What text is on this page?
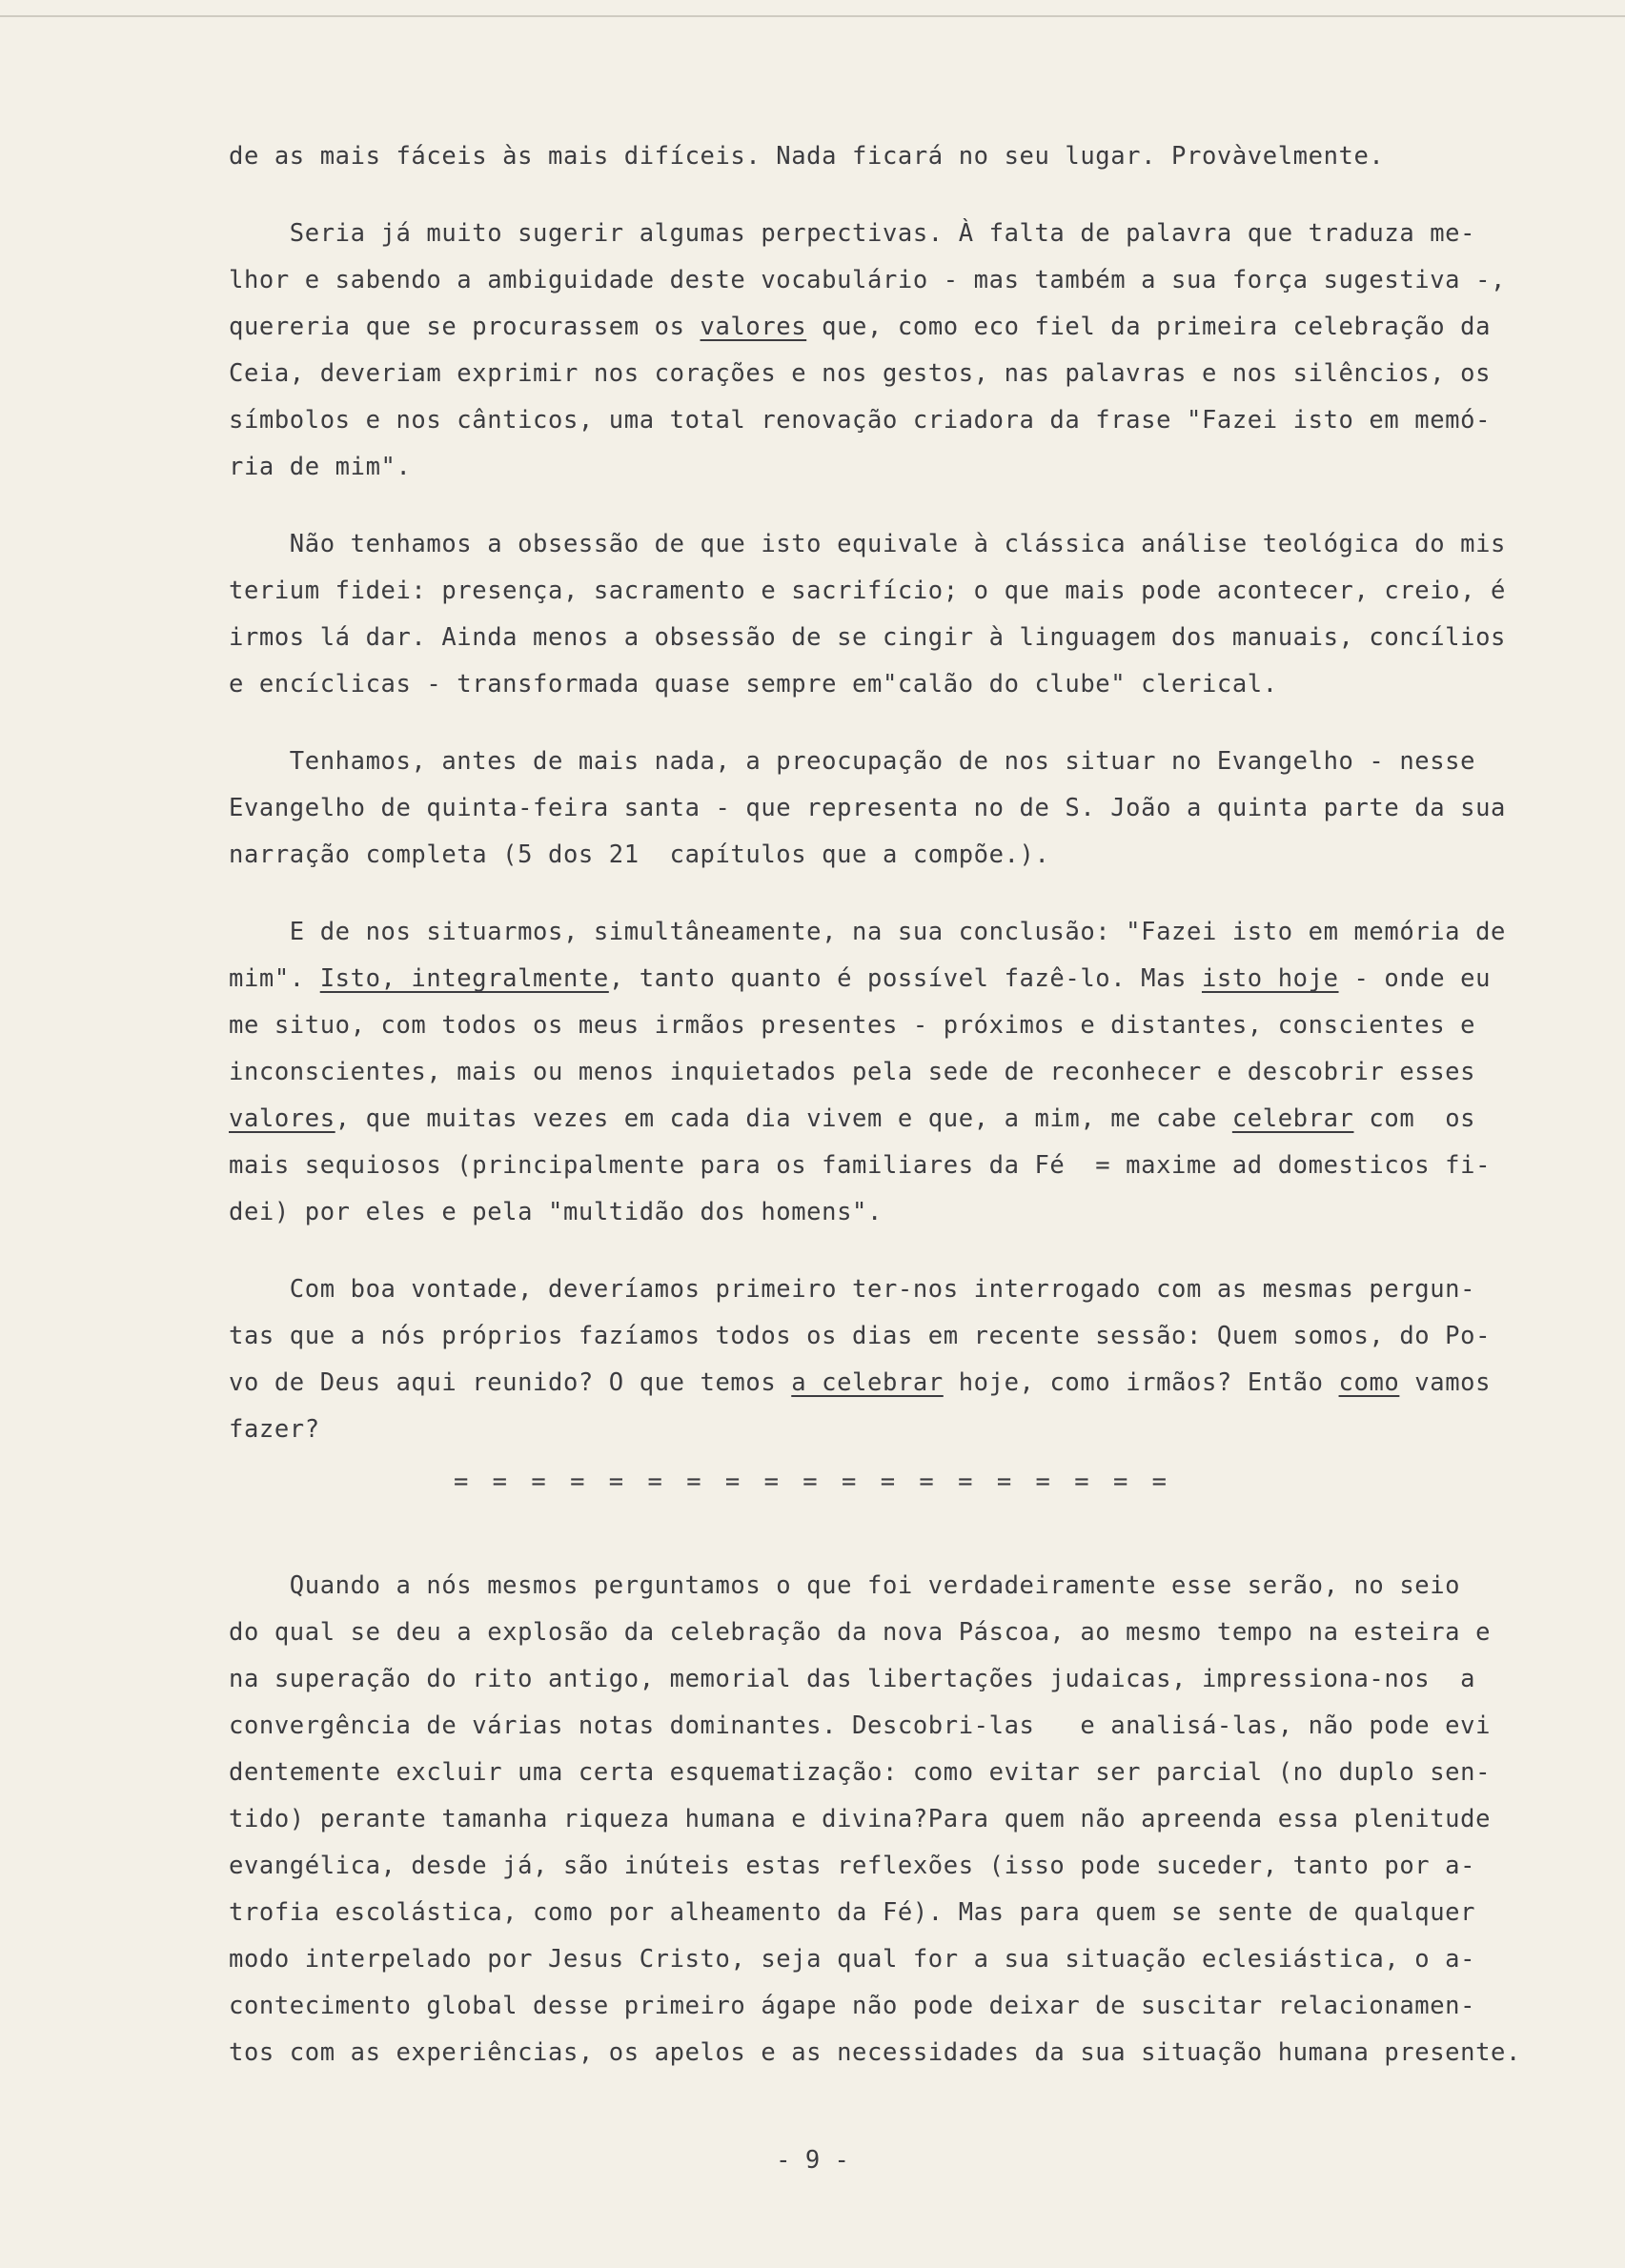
de as mais fáceis às mais difíceis. Nada ficará no seu lugar. Provàvelmente.
Seria já muito sugerir algumas perpectivas. À falta de palavra que traduza me-
lhor e sabendo a ambiguidade deste vocabulário - mas também a sua força sugestiva -,
quereria que se procurassem os valores que, como eco fiel da primeira celebração da
Ceia, deveriam exprimir nos corações e nos gestos, nas palavras e nos silêncios, os
símbolos e nos cânticos, uma total renovação criadora da frase "Fazei isto em memó-
ria de mim".
Não tenhamos a obsessão de que isto equivale à clássica análise teológica do mis
terium fidei: presença, sacramento e sacrifício; o que mais pode acontecer, creio, é
irmos lá dar. Ainda menos a obsessão de se cingir à linguagem dos manuais, concílios
e encíclicas - transformada quase sempre em"calão do clube" clerical.
Tenhamos, antes de mais nada, a preocupação de nos situar no Evangelho - nesse
Evangelho de quinta-feira santa - que representa no de S. João a quinta parte da sua
narração completa (5 dos 21  capítulos que a compõe.).
E de nos situarmos, simultâneamente, na sua conclusão: "Fazei isto em memória de
mim". Isto, integralmente, tanto quanto é possível fazê-lo. Mas isto hoje - onde eu
me situo, com todos os meus irmãos presentes - próximos e distantes, conscientes e
inconscientes, mais ou menos inquietados pela sede de reconhecer e descobrir esses
valores, que muitas vezes em cada dia vivem e que, a mim, me cabe celebrar com  os
mais sequiosos (principalmente para os familiares da Fé  = maxime ad domesticos fi-
dei) por eles e pela "multidão dos homens".
Com boa vontade, deveríamos primeiro ter-nos interrogado com as mesmas pergun-
tas que a nós próprios fazíamos todos os dias em recente sessão: Quem somos, do Po-
vo de Deus aqui reunido? O que temos a celebrar hoje, como irmãos? Então como vamos
fazer?
= = = = = = = = = = = = = = = = = = =
Quando a nós mesmos perguntamos o que foi verdadeiramente esse serão, no seio
do qual se deu a explosão da celebração da nova Páscoa, ao mesmo tempo na esteira e
na superação do rito antigo, memorial das libertações judaicas, impressiona-nos  a
convergência de várias notas dominantes. Descobri-las   e analisá-las, não pode evi
dentemente excluir uma certa esquematização: como evitar ser parcial (no duplo sen-
tido) perante tamanha riqueza humana e divina?Para quem não apreenda essa plenitude
evangélica, desde já, são inúteis estas reflexões (isso pode suceder, tanto por a-
trofia escolástica, como por alheamento da Fé). Mas para quem se sente de qualquer
modo interpelado por Jesus Cristo, seja qual for a sua situação eclesiástica, o a-
contecimento global desse primeiro ágape não pode deixar de suscitar relacionamen-
tos com as experiências, os apelos e as necessidades da sua situação humana presente.
- 9 -
